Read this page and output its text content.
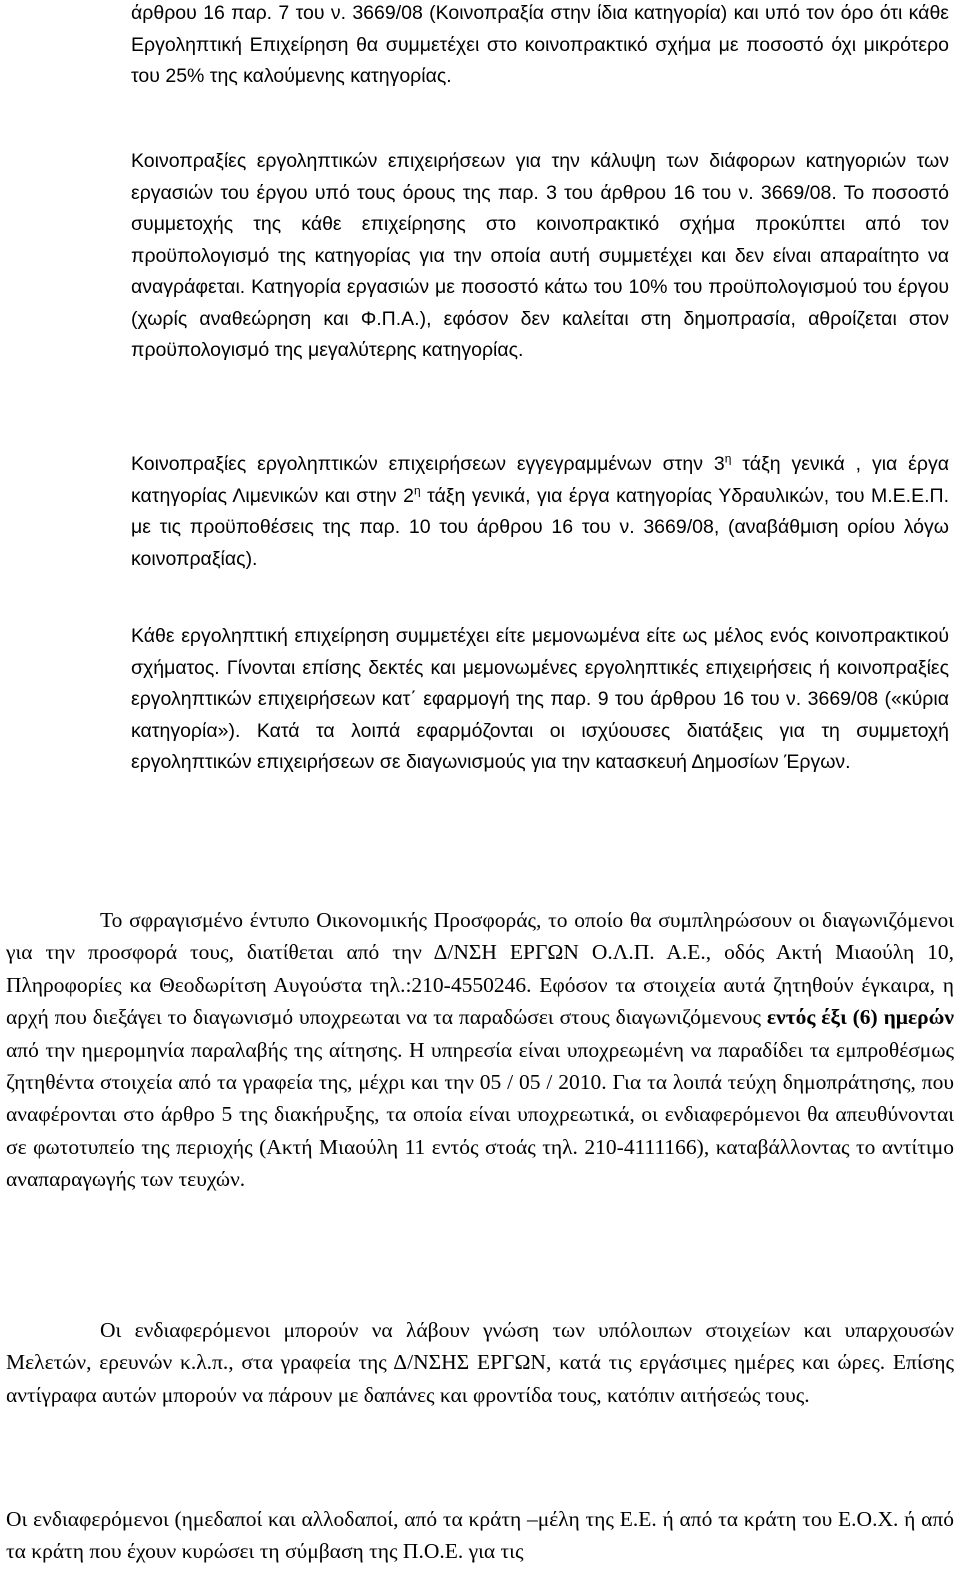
άρθρου 16 παρ. 7 του ν. 3669/08 (Κοινοπραξία στην ίδια κατηγορία) και υπό τον όρο ότι κάθε Εργοληπτική Επιχείρηση θα συμμετέχει στο κοινοπρακτικό σχήμα με ποσοστό όχι μικρότερο του 25% της καλούμενης κατηγορίας.

Κοινοπραξίες εργοληπτικών επιχειρήσεων για την κάλυψη των διάφορων κατηγοριών των εργασιών του έργου υπό τους όρους της παρ. 3 του άρθρου 16 του ν. 3669/08. Το ποσοστό συμμετοχής της κάθε επιχείρησης στο κοινοπρακτικό σχήμα προκύπτει από τον προϋπολογισμό της κατηγορίας για την οποία αυτή συμμετέχει και δεν είναι απαραίτητο να αναγράφεται. Κατηγορία εργασιών με ποσοστό κάτω του 10% του προϋπολογισμού του έργου (χωρίς αναθεώρηση και Φ.Π.Α.), εφόσον δεν καλείται στη δημοπρασία, αθροίζεται στον προϋπολογισμό της μεγαλύτερης κατηγορίας.

Κοινοπραξίες εργοληπτικών επιχειρήσεων εγγεγραμμένων στην $3^\eta$ τάξη γενικά , για έργα κατηγορίας Λιμενικών και στην $2^\eta$ τάξη γενικά, για έργα κατηγορίας Υδραυλικών, του Μ.Ε.Ε.Π. με τις προϋποθέσεις της παρ. 10 του άρθρου 16 του ν. 3669/08, (αναβάθμιση ορίου λόγω κοινοπραξίας).

Κάθε εργοληπτική επιχείρηση συμμετέχει είτε μεμονωμένα είτε ως μέλος ενός κοινοπρακτικού σχήματος. Γίνονται επίσης δεκτές και μεμονωμένες εργοληπτικές επιχειρήσεις ή κοινοπραξίες εργοληπτικών επιχειρήσεων κατ΄ εφαρμογή της παρ. 9 του άρθρου 16 του ν. 3669/08 («κύρια κατηγορία»). Κατά τα λοιπά εφαρμόζονται οι ισχύουσες διατάξεις για τη συμμετοχή εργοληπτικών επιχειρήσεων σε διαγωνισμούς για την κατασκευή Δημοσίων Έργων.

Το σφραγισμένο έντυπο Οικονομικής Προσφοράς, το οποίο θα συμπληρώσουν οι διαγωνιζόμενοι για την προσφορά τους, διατίθεται από την Δ/ΝΣΗ ΕΡΓΩΝ Ο.Λ.Π. Α.Ε., οδός Ακτή Μιαούλη 10, Πληροφορίες κα Θεοδωρίτση Αυγούστα τηλ.:210-4550246. Εφόσον τα στοιχεία αυτά ζητηθούν έγκαιρα, η αρχή που διεξάγει το διαγωνισμό υποχρεωται να τα παραδώσει στους διαγωνιζόμενους εντός έξι (6) ημερών από την ημερομηνία παραλαβής της αίτησης. Η υπηρεσία είναι υποχρεωμένη να παραδίδει τα εμπροθέσμως ζητηθέντα στοιχεία από τα γραφεία της, μέχρι και την 05 / 05 / 2010. Για τα λοιπά τεύχη δημοπράτησης, που αναφέρονται στο άρθρο 5 της διακήρυξης, τα οποία είναι υποχρεωτικά, οι ενδιαφερόμενοι θα απευθύνονται σε φωτοτυπείο της περιοχής (Ακτή Μιαούλη 11 εντός στοάς τηλ. 210-4111166), καταβάλλοντας το αντίτιμο αναπαραγωγής των τευχών.

Οι ενδιαφερόμενοι μπορούν να λάβουν γνώση των υπόλοιπων στοιχείων και υπαρχουσών Μελετών, ερευνών κ.λ.π., στα γραφεία της Δ/ΝΣΗΣ ΕΡΓΩΝ, κατά τις εργάσιμες ημέρες και ώρες. Επίσης αντίγραφα αυτών μπορούν να πάρουν με δαπάνες και φροντίδα τους, κατόπιν αιτήσεώς τους.

Οι ενδιαφερόμενοι (ημεδαποί και αλλοδαποί, από τα κράτη –μέλη της Ε.Ε. ή από τα κράτη του Ε.Ο.Χ. ή από τα κράτη που έχουν κυρώσει τη σύμβαση της Π.Ο.Ε. για τις
